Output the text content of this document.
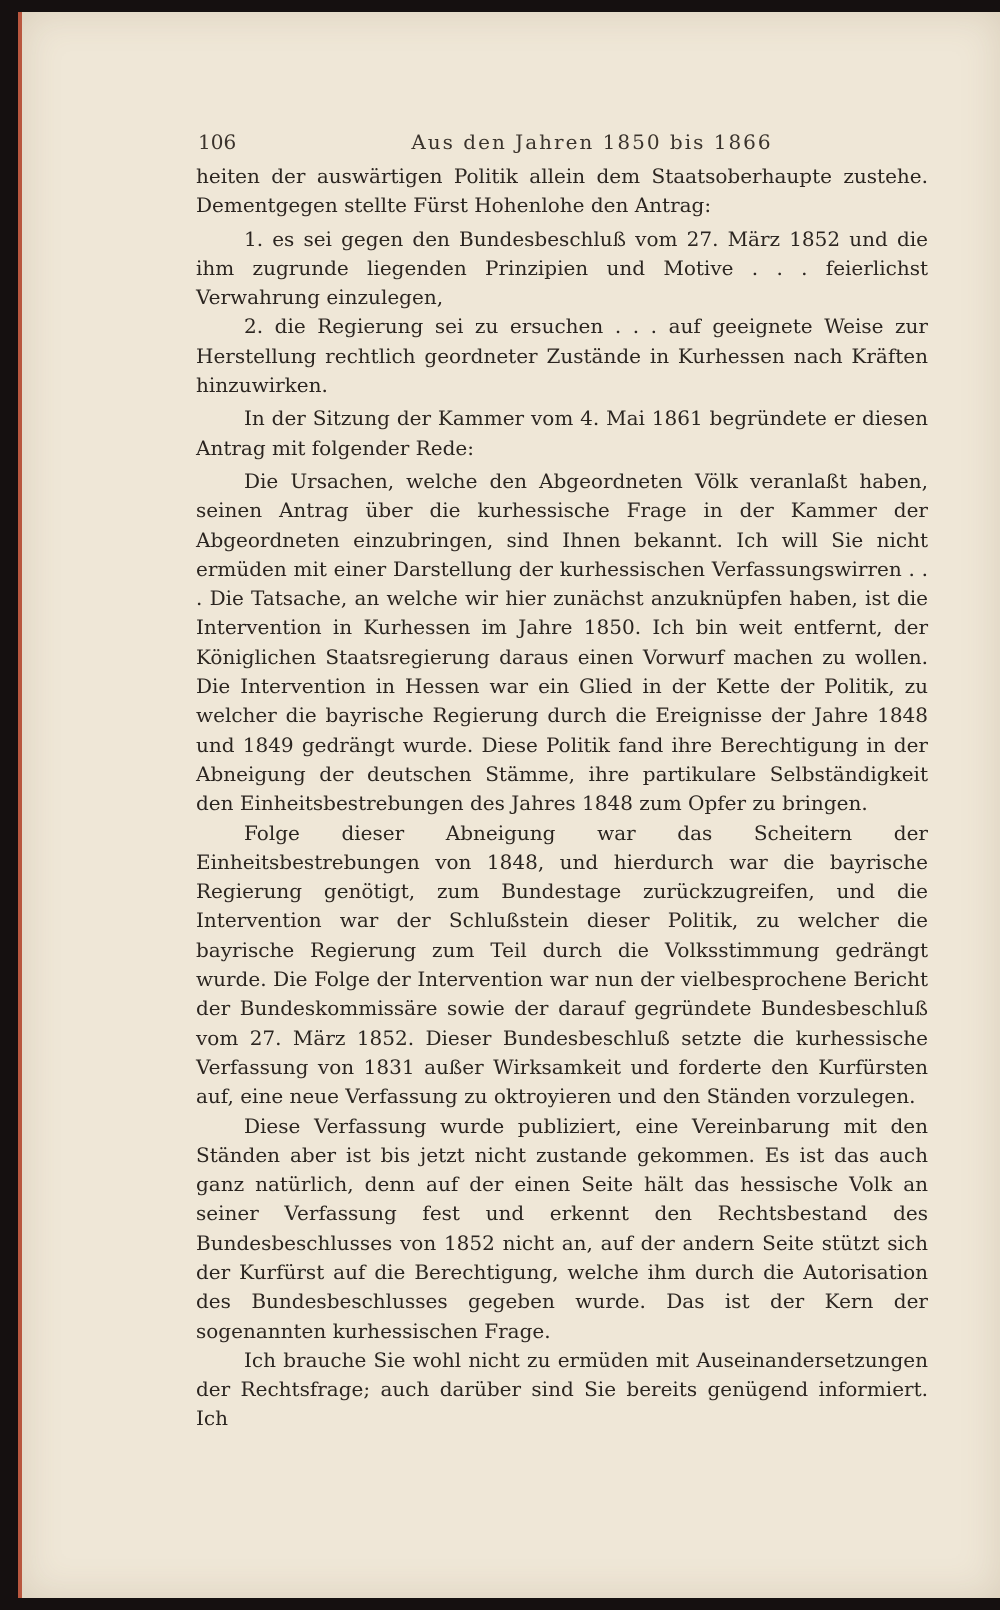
106	Aus den Jahren 1850 bis 1866

heiten der auswärtigen Politik allein dem Staatsoberhaupte zustehe. Dementgegen stellte Fürst Hohenlohe den Antrag:

1. es sei gegen den Bundesbeschluß vom 27. März 1852 und die ihm zugrunde liegenden Prinzipien und Motive . . . feierlichst Verwahrung einzulegen,

2. die Regierung sei zu ersuchen . . . auf geeignete Weise zur Herstellung rechtlich geordneter Zustände in Kurhessen nach Kräften hinzuwirken.

In der Sitzung der Kammer vom 4. Mai 1861 begründete er diesen Antrag mit folgender Rede:

Die Ursachen, welche den Abgeordneten Völk veranlaßt haben, seinen Antrag über die kurhessische Frage in der Kammer der Abgeordneten einzubringen, sind Ihnen bekannt. Ich will Sie nicht ermüden mit einer Darstellung der kurhessischen Verfassungswirren . . . Die Tatsache, an welche wir hier zunächst anzuknüpfen haben, ist die Intervention in Kurhessen im Jahre 1850. Ich bin weit entfernt, der Königlichen Staatsregierung daraus einen Vorwurf machen zu wollen. Die Intervention in Hessen war ein Glied in der Kette der Politik, zu welcher die bayrische Regierung durch die Ereignisse der Jahre 1848 und 1849 gedrängt wurde. Diese Politik fand ihre Berechtigung in der Abneigung der deutschen Stämme, ihre partikulare Selbständigkeit den Einheitsbestrebungen des Jahres 1848 zum Opfer zu bringen.

Folge dieser Abneigung war das Scheitern der Einheitsbestrebungen von 1848, und hierdurch war die bayrische Regierung genötigt, zum Bundestage zurückzugreifen, und die Intervention war der Schlußstein dieser Politik, zu welcher die bayrische Regierung zum Teil durch die Volksstimmung gedrängt wurde. Die Folge der Intervention war nun der vielbesprochene Bericht der Bundeskommissäre sowie der darauf gegründete Bundesbeschluß vom 27. März 1852. Dieser Bundesbeschluß setzte die kurhessische Verfassung von 1831 außer Wirksamkeit und forderte den Kurfürsten auf, eine neue Verfassung zu oktroyieren und den Ständen vorzulegen.

Diese Verfassung wurde publiziert, eine Vereinbarung mit den Ständen aber ist bis jetzt nicht zustande gekommen. Es ist das auch ganz natürlich, denn auf der einen Seite hält das hessische Volk an seiner Verfassung fest und erkennt den Rechtsbestand des Bundesbeschlusses von 1852 nicht an, auf der andern Seite stützt sich der Kurfürst auf die Berechtigung, welche ihm durch die Autorisation des Bundesbeschlusses gegeben wurde. Das ist der Kern der sogenannten kurhessischen Frage.

Ich brauche Sie wohl nicht zu ermüden mit Auseinandersetzungen der Rechtsfrage; auch darüber sind Sie bereits genügend informiert. Ich
